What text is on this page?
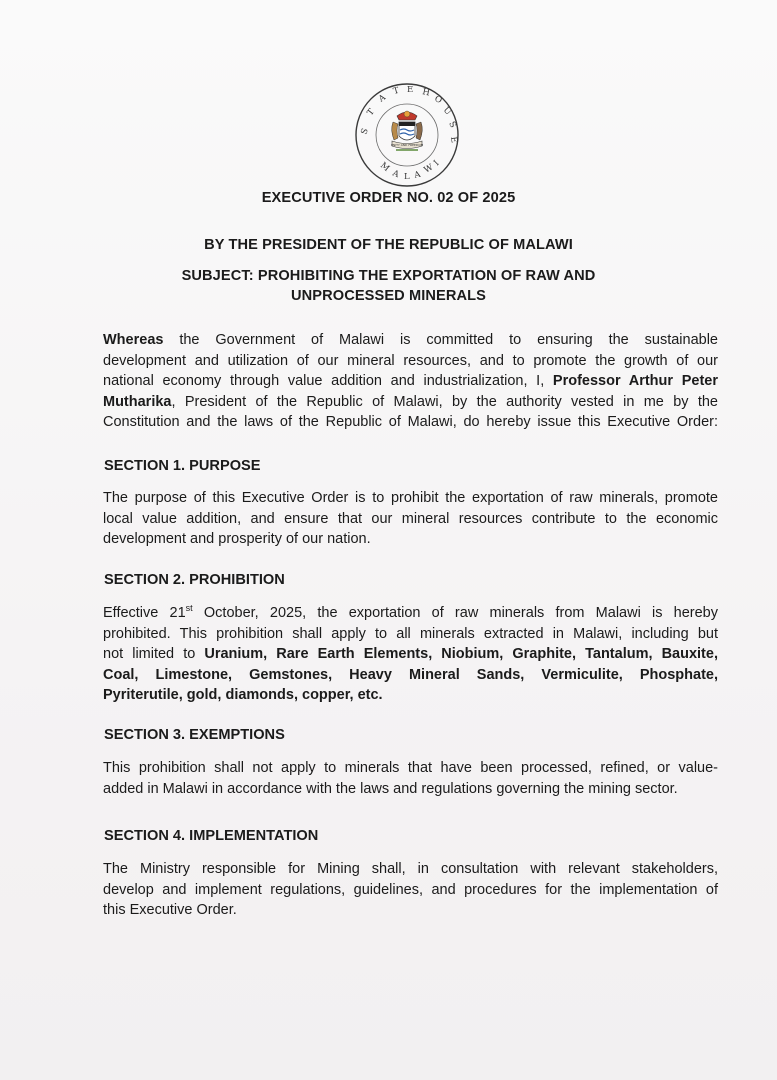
S
T
A
T E H
O
U
S
E
M
A L A W
I
UNITY AND FREEDOM
EXECUTIVE ORDER NO. 02 OF 2025
BY THE PRESIDENT OF THE REPUBLIC OF MALAWI
SUBJECT: PROHIBITING THE EXPORTATION OF RAW AND
UNPROCESSED MINERALS
Whereas the Government of Malawi is committed to ensuring the sustainable
development and utilization of our mineral resources, and to promote the growth of our
national economy through value addition and industrialization, I, Professor Arthur Peter
Mutharika, President of the Republic of Malawi, by the authority vested in me by the
Constitution and the laws of the Republic of Malawi, do hereby issue this Executive Order:
SECTION 1. PURPOSE
The purpose of this Executive Order is to prohibit the exportation of raw minerals, promote
local value addition, and ensure that our mineral resources contribute to the economic
development and prosperity of our nation.
SECTION 2. PROHIBITION
Effective 21st October, 2025, the exportation of raw minerals from Malawi is hereby
prohibited. This prohibition shall apply to all minerals extracted in Malawi, including but
not limited to Uranium, Rare Earth Elements, Niobium, Graphite, Tantalum, Bauxite,
Coal, Limestone, Gemstones, Heavy Mineral Sands, Vermiculite, Phosphate,
Pyriterutile, gold, diamonds, copper, etc.
SECTION 3. EXEMPTIONS
This prohibition shall not apply to minerals that have been processed, refined, or value-
added in Malawi in accordance with the laws and regulations governing the mining sector.
SECTION 4. IMPLEMENTATION
The Ministry responsible for Mining shall, in consultation with relevant stakeholders,
develop and implement regulations, guidelines, and procedures for the implementation of
this Executive Order.
